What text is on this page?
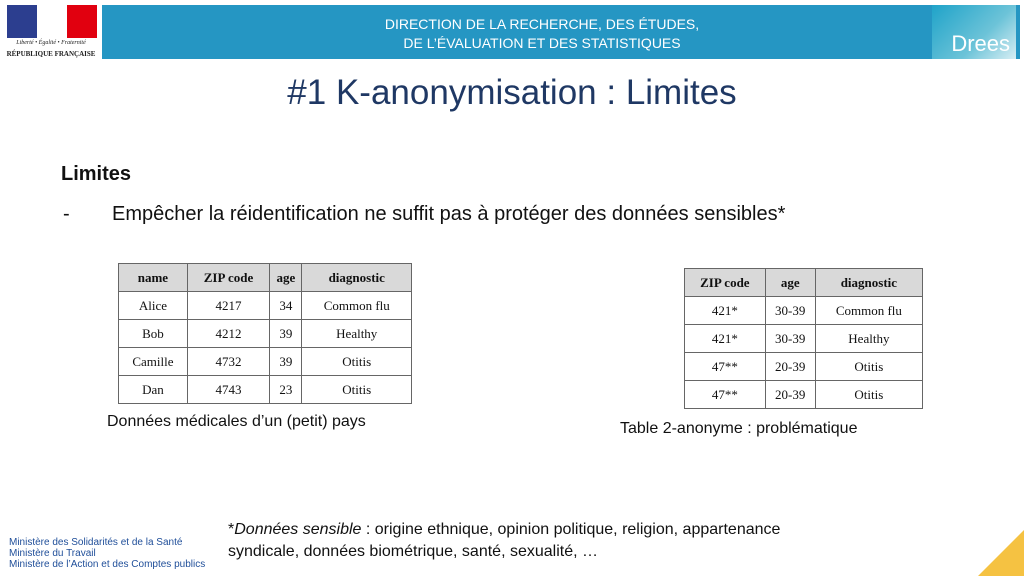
Liberté • Égalité • Fraternité
RÉPUBLIQUE FRANÇAISE
DIRECTION DE LA RECHERCHE, DES ÉTUDES,
DE L’ÉVALUATION ET DES STATISTIQUES	Drees
#1 K-anonymisation : Limites
Limites
- Empêcher la réidentification ne suffit pas à protéger des données sensibles*
name	ZIP code	age	diagnostic
Alice	4217	34	Common flu
Bob	4212	39	Healthy
Camille	4732	39	Otitis
Dan	4743	23	Otitis
Données médicales d’un (petit) pays
ZIP code	age	diagnostic
421*	30-39	Common flu
421*	30-39	Healthy
47**	20-39	Otitis
47**	20-39	Otitis
Table 2-anonyme : problématique
Ministère des Solidarités et de la Santé
Ministère du Travail
Ministère de l’Action et des Comptes publics
*Données sensible : origine ethnique, opinion politique, religion, appartenance
syndicale, données biométrique, santé, sexualité, …
